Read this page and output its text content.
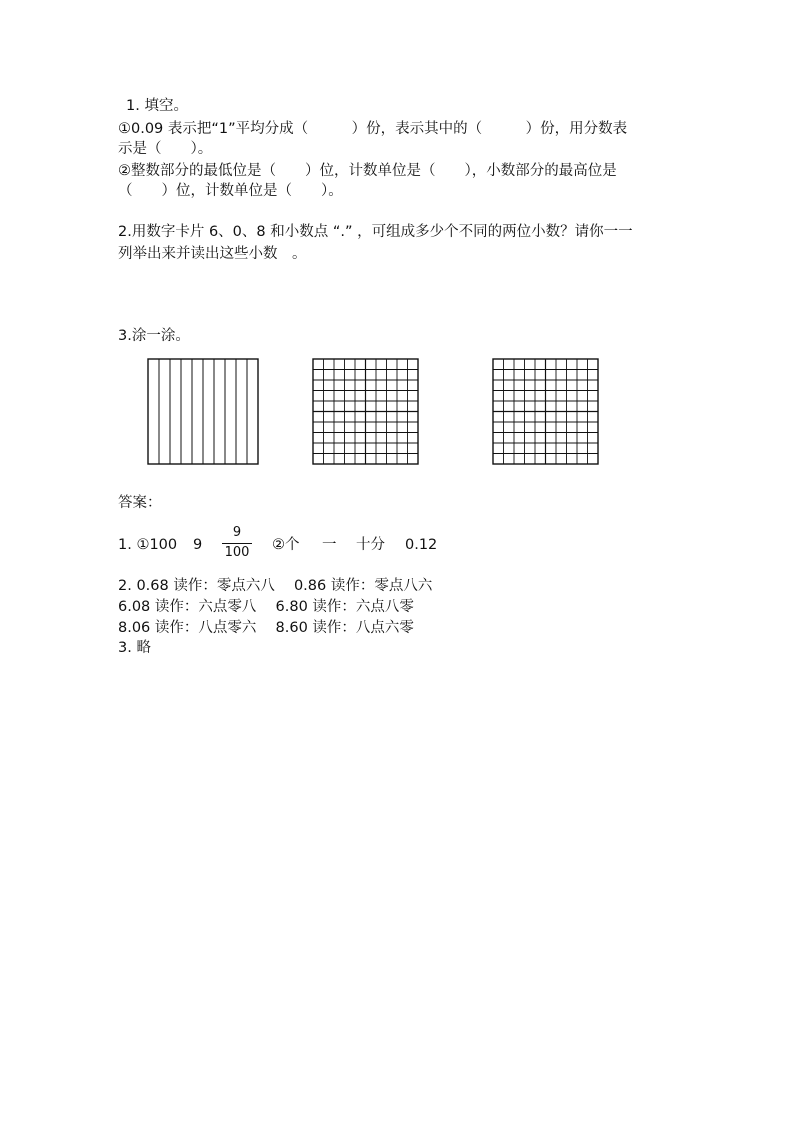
1. 填空。
①0.09 表示把“1”平均分成（　　　）份，表示其中的（　　　）份，用分数表
示是（　　）。
②整数部分的最低位是（　　）位，计数单位是（　　），小数部分的最高位是
（　　）位，计数单位是（　　）。
2.用数字卡片 6、0、8 和小数点 “.” ，可组成多少个不同的两位小数？请你一一
列举出来并读出这些小数　。
3.涂一涂。
答案：
1. ①100 9
9
100 ②个 一 十分 0.12
2. 0.68 读作：零点六八　 0.86 读作：零点八六
6.08 读作：六点零八　 6.80 读作：六点八零
8.06 读作：八点零六　 8.60 读作：八点六零
3. 略
